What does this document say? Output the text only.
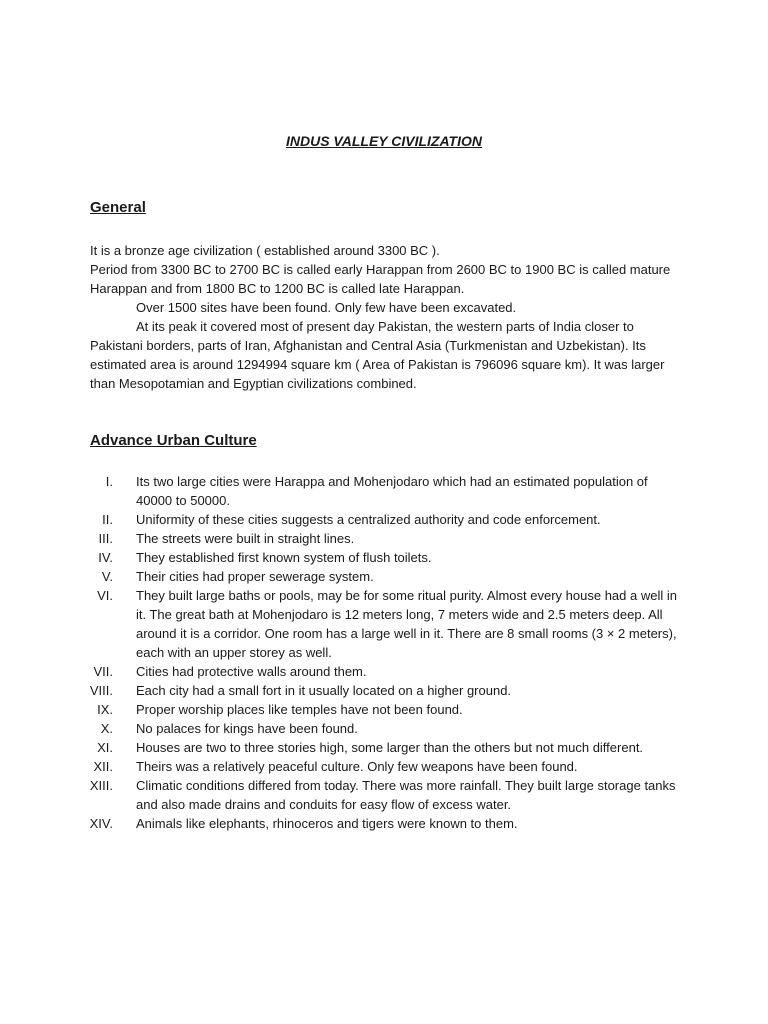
INDUS VALLEY CIVILIZATION
General

It is a bronze age civilization ( established around 3300 BC ).

Period from 3300 BC to 2700 BC is called early Harappan from 2600 BC to 1900 BC is called mature Harappan and from 1800 BC to 1200 BC is called late Harappan.

Over 1500 sites have been found. Only few have been excavated.

At its peak it covered most of present day Pakistan, the western parts of India closer to Pakistani borders, parts of Iran, Afghanistan and Central Asia (Turkmenistan and Uzbekistan). Its estimated area is around 1294994 square km ( Area of Pakistan is 796096 square km). It was larger than Mesopotamian and Egyptian civilizations combined.

Advance Urban Culture
I. Its two large cities were Harappa and Mohenjodaro which had an estimated population of 40000 to 50000.
II. Uniformity of these cities suggests a centralized authority and code enforcement.
III. The streets were built in straight lines.
IV. They established first known system of flush toilets.
V. Their cities had proper sewerage system.
VI. They built large baths or pools, may be for some ritual purity. Almost every house had a well in it. The great bath at Mohenjodaro is 12 meters long, 7 meters wide and 2.5 meters deep. All around it is a corridor. One room has a large well in it. There are 8 small rooms (3 × 2 meters), each with an upper storey as well.
VII. Cities had protective walls around them.
VIII. Each city had a small fort in it usually located on a higher ground.
IX. Proper worship places like temples have not been found.
X. No palaces for kings have been found.
XI. Houses are two to three stories high, some larger than the others but not much different.
XII. Theirs was a relatively peaceful culture. Only few weapons have been found.
XIII. Climatic conditions differed from today. There was more rainfall. They built large storage tanks and also made drains and conduits for easy flow of excess water.
XIV. Animals like elephants, rhinoceros and tigers were known to them.
